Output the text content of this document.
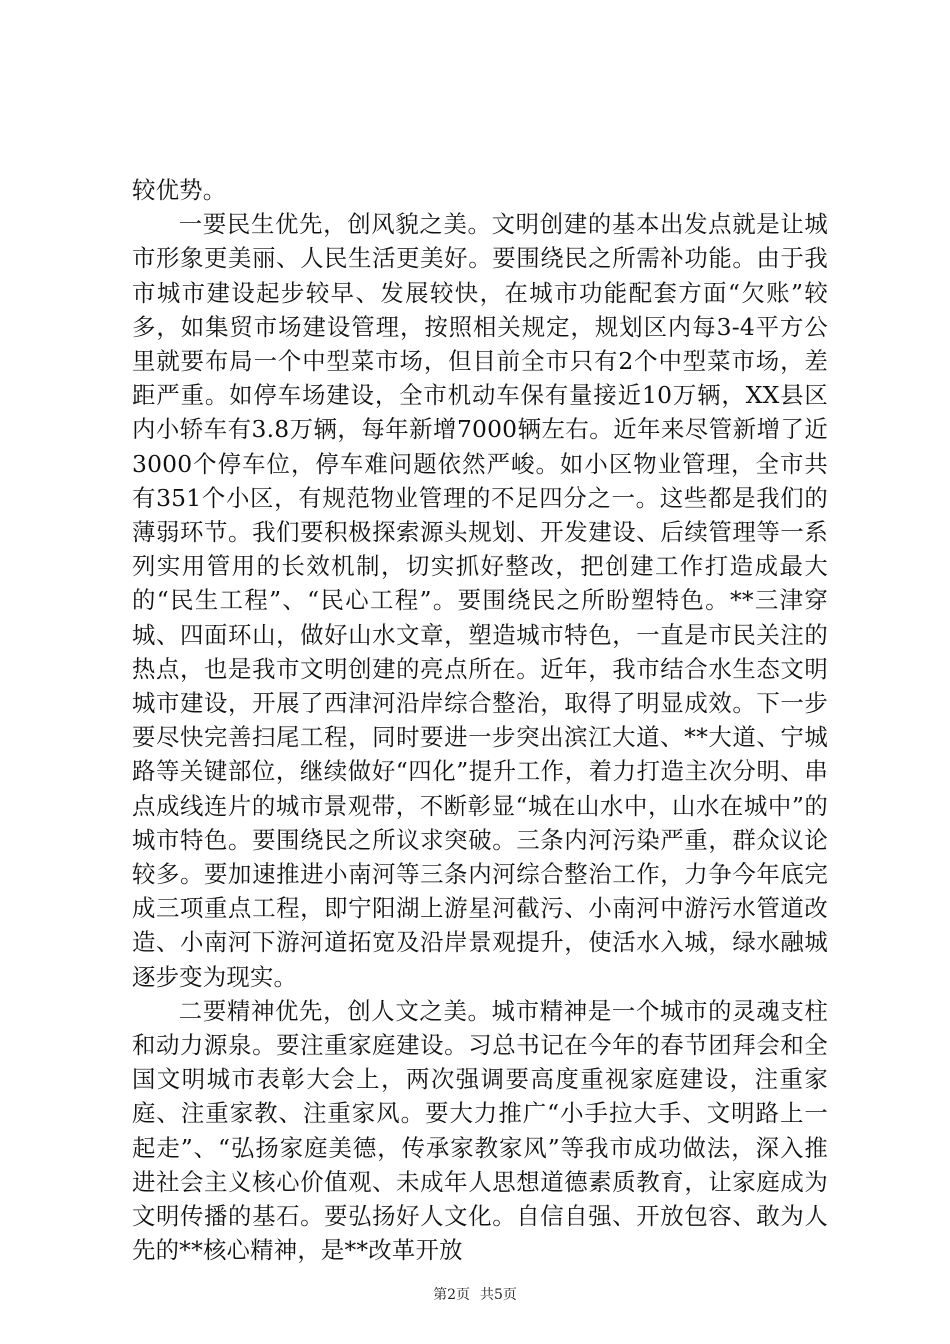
较优势。

一要民生优先，创风貌之美。文明创建的基本出发点就是让城市形象更美丽、人民生活更美好。要围绕民之所需补功能。由于我市城市建设起步较早、发展较快，在城市功能配套方面“欠账”较多，如集贸市场建设管理，按照相关规定，规划区内每3-4平方公里就要布局一个中型菜市场，但目前全市只有2个中型菜市场，差距严重。如停车场建设，全市机动车保有量接近10万辆，XX县区内小轿车有3.8万辆，每年新增7000辆左右。近年来尽管新增了近3000个停车位，停车难问题依然严峻。如小区物业管理，全市共有351个小区，有规范物业管理的不足四分之一。这些都是我们的薄弱环节。我们要积极探索源头规划、开发建设、后续管理等一系列实用管用的长效机制，切实抓好整改，把创建工作打造成最大的“民生工程”、“民心工程”。要围绕民之所盼塑特色。**三津穿城、四面环山，做好山水文章，塑造城市特色，一直是市民关注的热点，也是我市文明创建的亮点所在。近年，我市结合水生态文明城市建设，开展了西津河沿岸综合整治，取得了明显成效。下一步要尽快完善扫尾工程，同时要进一步突出滨江大道、**大道、宁城路等关键部位，继续做好“四化”提升工作，着力打造主次分明、串点成线连片的城市景观带，不断彰显“城在山水中，山水在城中”的城市特色。要围绕民之所议求突破。三条内河污染严重，群众议论较多。要加速推进小南河等三条内河综合整治工作，力争今年底完成三项重点工程，即宁阳湖上游星河截污、小南河中游污水管道改造、小南河下游河道拓宽及沿岸景观提升，使活水入城，绿水融城逐步变为现实。

二要精神优先，创人文之美。城市精神是一个城市的灵魂支柱和动力源泉。要注重家庭建设。习总书记在今年的春节团拜会和全国文明城市表彰大会上，两次强调要高度重视家庭建设，注重家庭、注重家教、注重家风。要大力推广“小手拉大手、文明路上一起走”、“弘扬家庭美德，传承家教家风”等我市成功做法，深入推进社会主义核心价值观、未成年人思想道德素质教育，让家庭成为文明传播的基石。要弘扬好人文化。自信自强、开放包容、敢为人先的**核心精神，是**改革开放

第2页 共5页
